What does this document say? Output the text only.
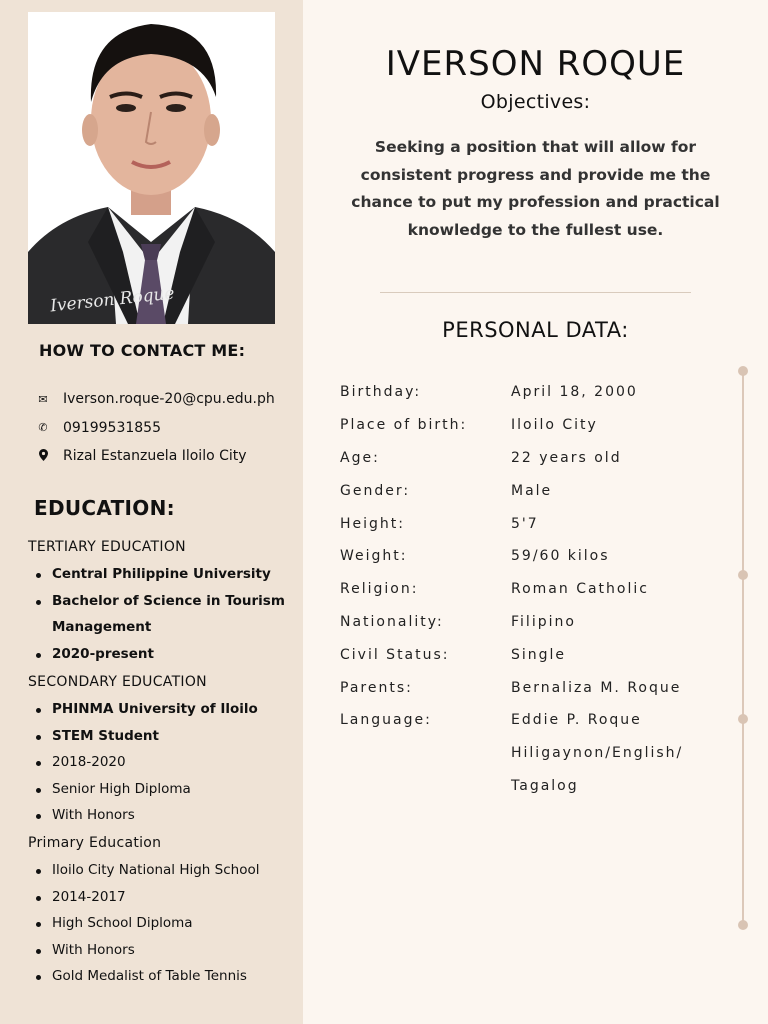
Iverson Roque
HOW TO CONTACT ME:
✉ Iverson.roque-20@cpu.edu.ph
✆ 09199531855
Rizal Estanzuela Iloilo City
EDUCATION:
TERTIARY EDUCATION
Central Philippine University
Bachelor of Science in Tourism Management
2020-present
SECONDARY EDUCATION
PHINMA University of Iloilo
STEM Student
2018-2020
Senior High Diploma
With Honors
Primary Education
Iloilo City National High School
2014-2017
High School Diploma
With Honors
Gold Medalist of Table Tennis
IVERSON ROQUE
Objectives:
Seeking a position that will allow for consistent progress and provide me the chance to put my profession and practical knowledge to the fullest use.
PERSONAL DATA:
Birthday:	April 18, 2000
Place of birth:	Iloilo City
Age:	22 years old
Gender:	Male
Height:	5'7
Weight:	59/60 kilos
Religion:	Roman Catholic
Nationality:	Filipino
Civil Status:	Single
Parents:	Bernaliza M. Roque
Language:	Eddie P. Roque
Hiligaynon/English/
Tagalog
